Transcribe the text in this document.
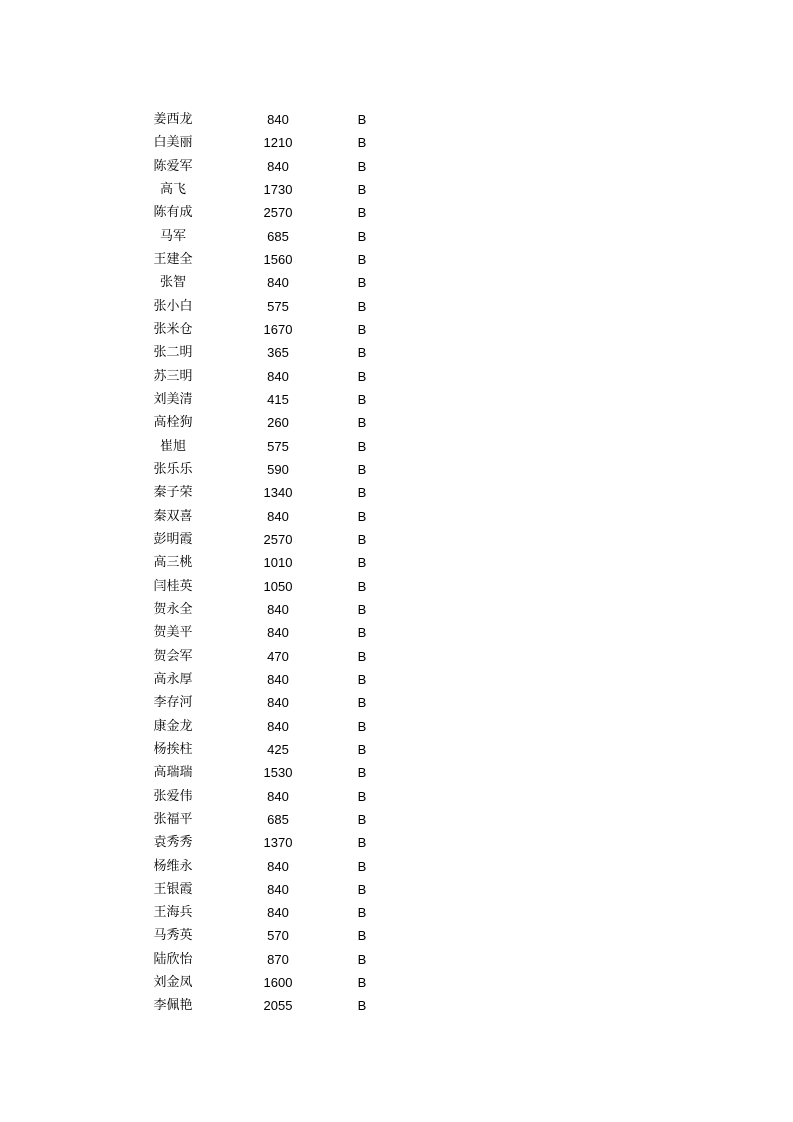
姜西龙	840	B
白美丽	1210	B
陈爱军	840	B
高飞	1730	B
陈有成	2570	B
马军	685	B
王建全	1560	B
张智	840	B
张小白	575	B
张米仓	1670	B
张二明	365	B
苏三明	840	B
刘美清	415	B
高栓狗	260	B
崔旭	575	B
张乐乐	590	B
秦子荣	1340	B
秦双喜	840	B
彭明霞	2570	B
高三桃	1010	B
闫桂英	1050	B
贺永全	840	B
贺美平	840	B
贺会军	470	B
高永厚	840	B
李存河	840	B
康金龙	840	B
杨挨柱	425	B
高瑞瑞	1530	B
张爱伟	840	B
张福平	685	B
袁秀秀	1370	B
杨维永	840	B
王银霞	840	B
王海兵	840	B
马秀英	570	B
陆欣怡	870	B
刘金凤	1600	B
李佩艳	2055	B
